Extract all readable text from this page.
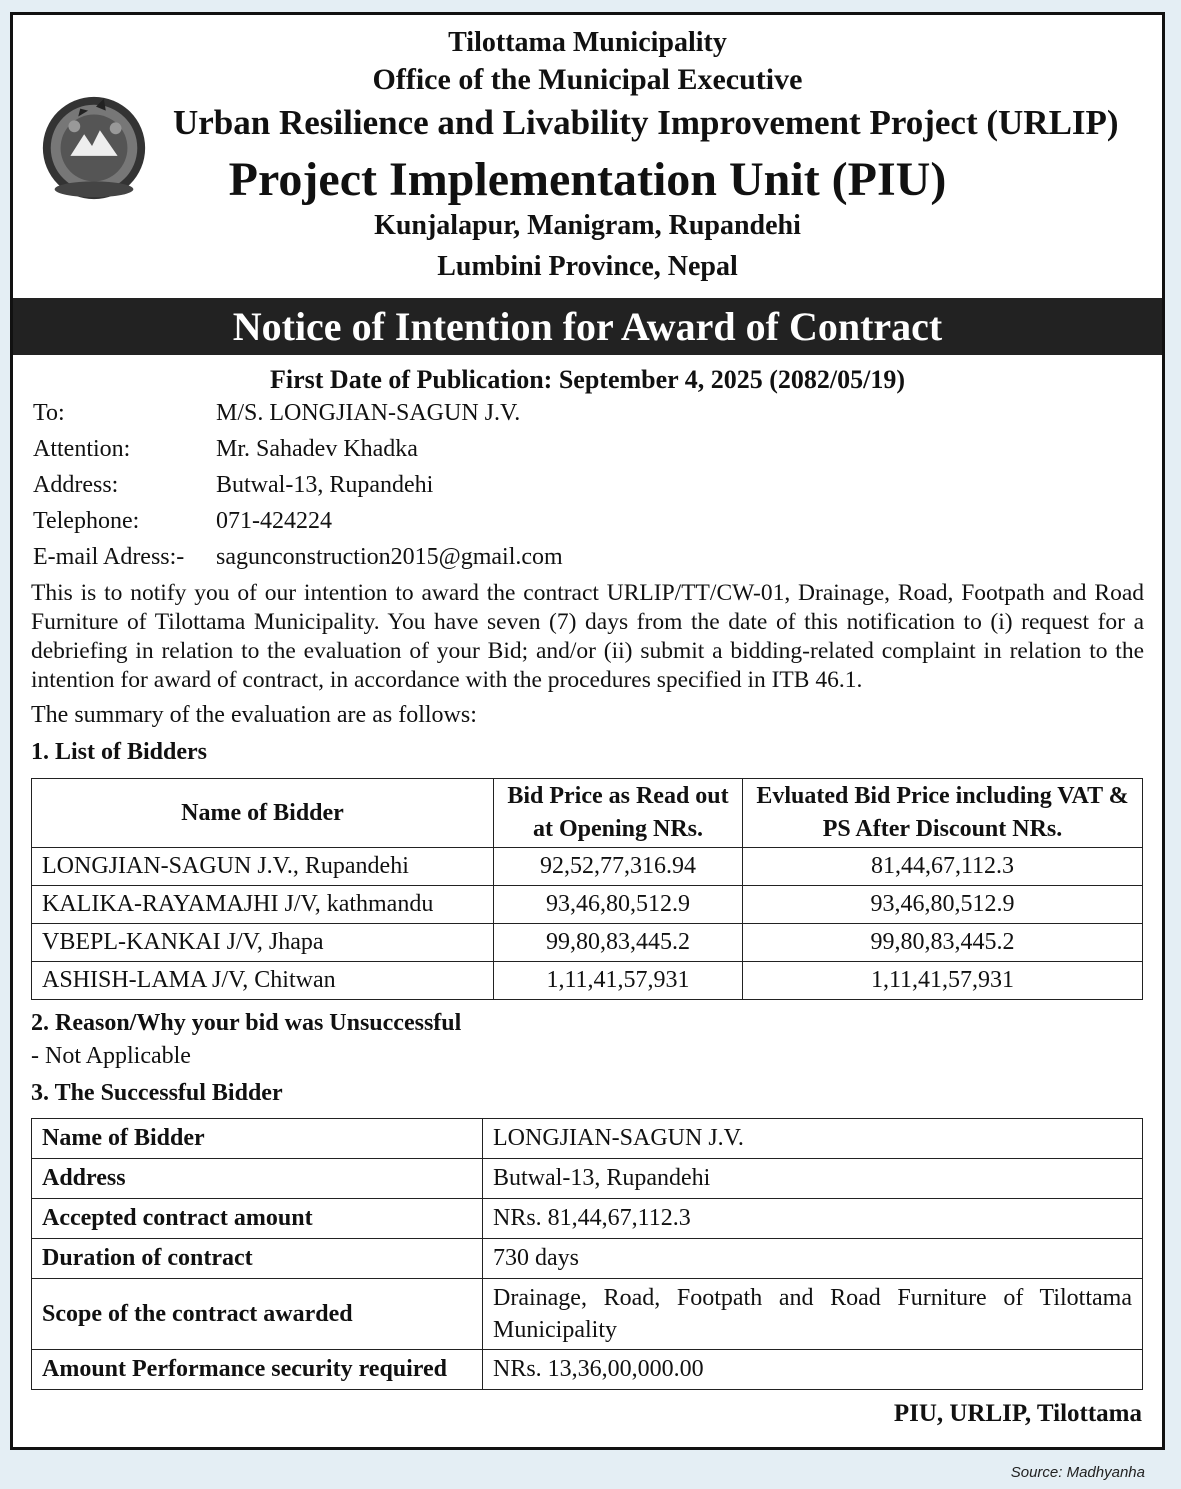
Tilottama Municipality
Office of the Municipal Executive
Urban Resilience and Livability Improvement Project (URLIP)
Project Implementation Unit (PIU)
Kunjalapur, Manigram, Rupandehi
Lumbini Province, Nepal
Notice of Intention for Award of Contract
First Date of Publication: September 4, 2025 (2082/05/19)
To:	M/S. LONGJIAN-SAGUN J.V.
Attention:	Mr. Sahadev Khadka
Address:	Butwal-13, Rupandehi
Telephone:	071-424224
E-mail Adress:-	sagunconstruction2015@gmail.com
This is to notify you of our intention to award the contract URLIP/TT/CW-01, Drainage, Road, Footpath and Road Furniture of Tilottama Municipality. You have seven (7) days from the date of this notification to (i) request for a debriefing in relation to the evaluation of your Bid; and/or (ii) submit a bidding-related complaint in relation to the intention for award of contract, in accordance with the procedures specified in ITB 46.1.
The summary of the evaluation are as follows:
1. List of Bidders
Name of Bidder	Bid Price as Read out at Opening NRs.	Evluated Bid Price including VAT & PS After Discount NRs.
LONGJIAN-SAGUN J.V., Rupandehi	92,52,77,316.94	81,44,67,112.3
KALIKA-RAYAMAJHI J/V, kathmandu	93,46,80,512.9	93,46,80,512.9
VBEPL-KANKAI J/V, Jhapa	99,80,83,445.2	99,80,83,445.2
ASHISH-LAMA J/V, Chitwan	1,11,41,57,931	1,11,41,57,931
2. Reason/Why your bid was Unsuccessful
- Not Applicable
3. The Successful Bidder
Name of Bidder	LONGJIAN-SAGUN J.V.
Address	Butwal-13, Rupandehi
Accepted contract amount	NRs. 81,44,67,112.3
Duration of contract	730 days
Scope of the contract awarded	Drainage, Road, Footpath and Road Furniture of Tilottama Municipality
Amount Performance security required	NRs. 13,36,00,000.00
PIU, URLIP, Tilottama
Source: Madhyanha
